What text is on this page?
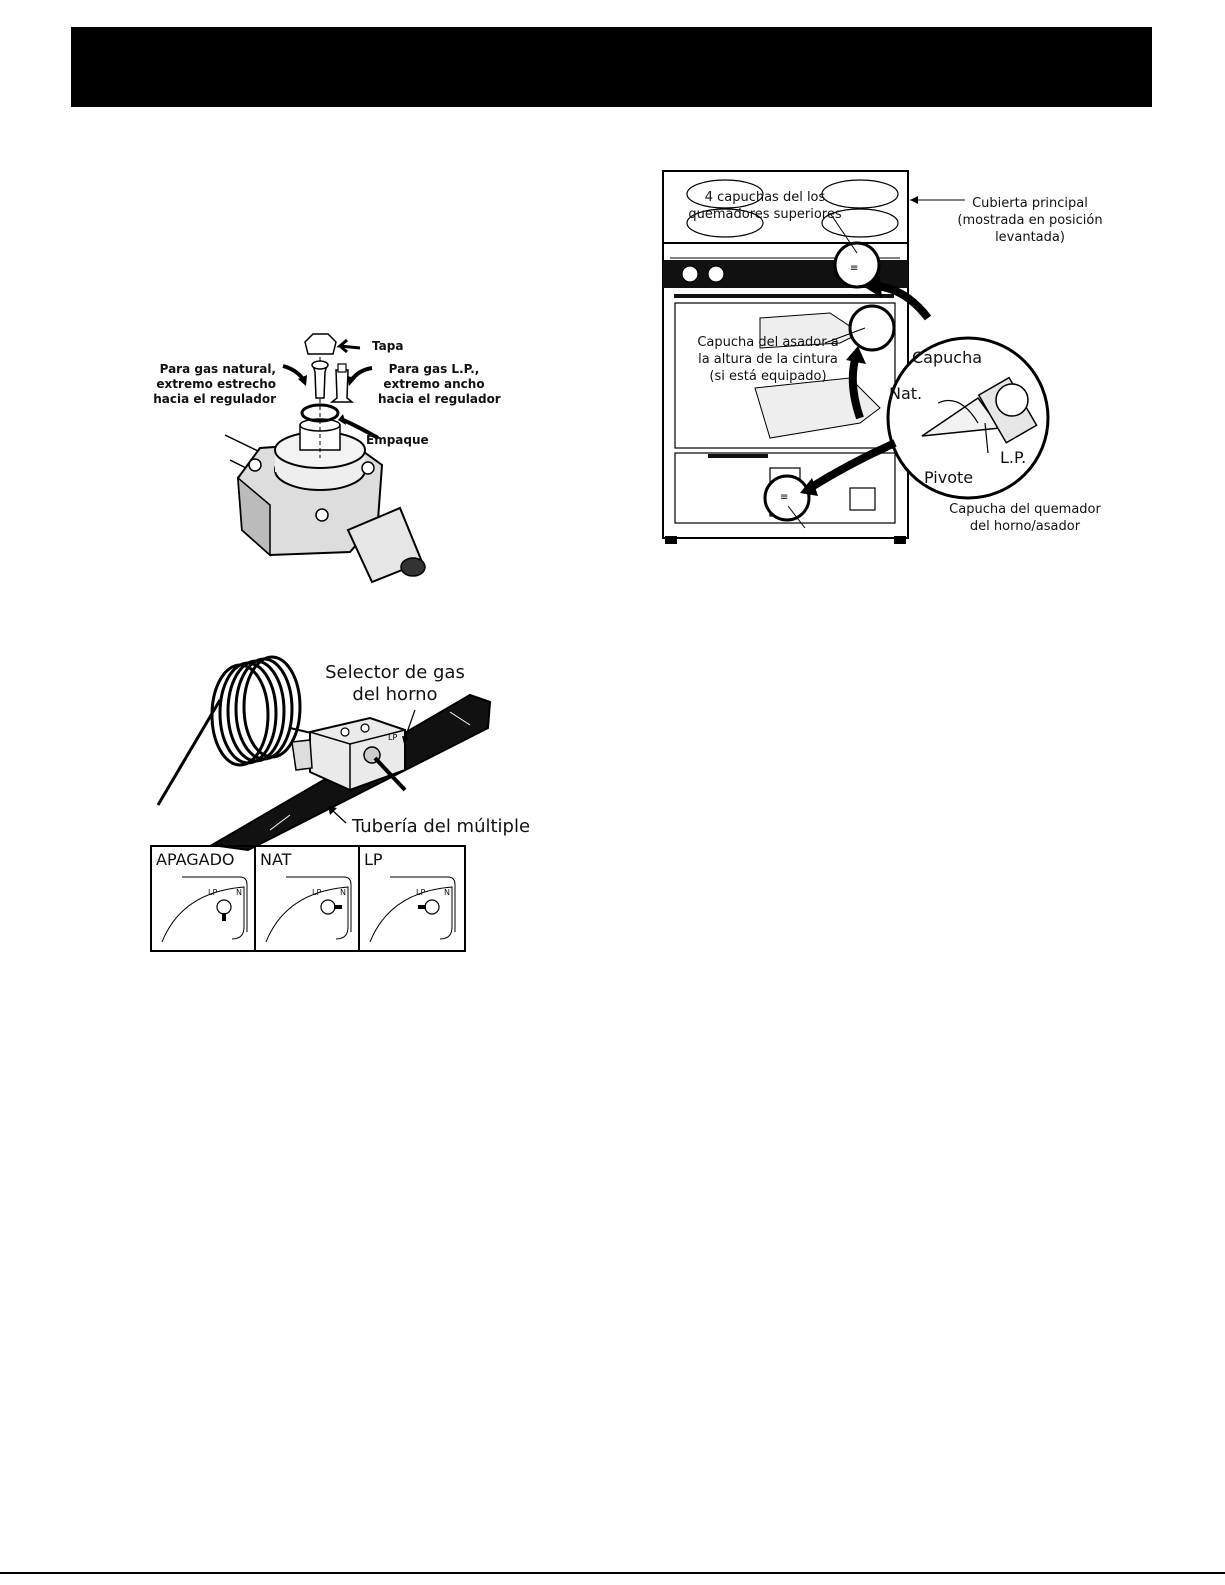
Tapa
Para gas natural,
extremo estrecho
hacia el regulador
Para gas L.P.,
extremo ancho
hacia el regulador
Empaque
LP
Selector de gas
del horno
Tubería del múltiple
APAGADO
LP N
NAT
LP N
LP
LP N
≡
≡
4 capuchas del los
quemadores superiores
Cubierta principal
(mostrada en posición
levantada)
Capucha del asador a
la altura de la cintura
(si está equipado)
Capucha
Nat.
L.P.
Pivote
Capucha del quemador
del horno/asador
